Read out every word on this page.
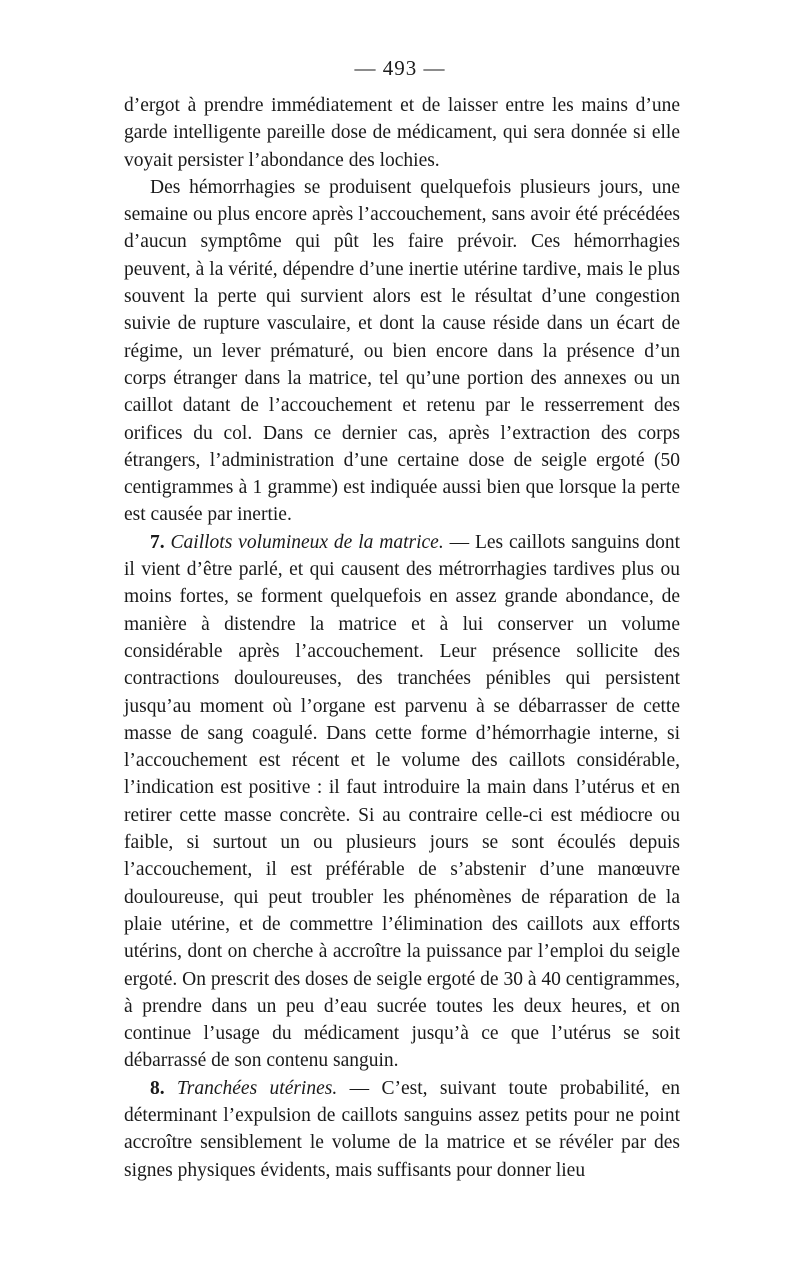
— 493 —

d’ergot à prendre immédiatement et de laisser entre les mains d’une garde intelligente pareille dose de médicament, qui sera donnée si elle voyait persister l’abondance des lochies.

Des hémorrhagies se produisent quelquefois plusieurs jours, une semaine ou plus encore après l’accouchement, sans avoir été précédées d’aucun symptôme qui pût les faire prévoir. Ces hémorrhagies peuvent, à la vérité, dépendre d’une inertie utérine tardive, mais le plus souvent la perte qui survient alors est le résultat d’une congestion suivie de rupture vasculaire, et dont la cause réside dans un écart de régime, un lever prématuré, ou bien encore dans la présence d’un corps étranger dans la matrice, tel qu’une portion des annexes ou un caillot datant de l’accouchement et retenu par le resserrement des orifices du col. Dans ce dernier cas, après l’extraction des corps étrangers, l’administration d’une certaine dose de seigle ergoté (50 centigrammes à 1 gramme) est indiquée aussi bien que lorsque la perte est causée par inertie.

7. Caillots volumineux de la matrice. — Les caillots sanguins dont il vient d’être parlé, et qui causent des métrorrhagies tardives plus ou moins fortes, se forment quelquefois en assez grande abondance, de manière à distendre la matrice et à lui conserver un volume considérable après l’accouchement. Leur présence sollicite des contractions douloureuses, des tranchées pénibles qui persistent jusqu’au moment où l’organe est parvenu à se débarrasser de cette masse de sang coagulé. Dans cette forme d’hémorrhagie interne, si l’accouchement est récent et le volume des caillots considérable, l’indication est positive : il faut introduire la main dans l’utérus et en retirer cette masse concrète. Si au contraire celle-ci est médiocre ou faible, si surtout un ou plusieurs jours se sont écoulés depuis l’accouchement, il est préférable de s’abstenir d’une manœuvre douloureuse, qui peut troubler les phénomènes de réparation de la plaie utérine, et de commettre l’élimination des caillots aux efforts utérins, dont on cherche à accroître la puissance par l’emploi du seigle ergoté. On prescrit des doses de seigle ergoté de 30 à 40 centigrammes, à prendre dans un peu d’eau sucrée toutes les deux heures, et on continue l’usage du médicament jusqu’à ce que l’utérus se soit débarrassé de son contenu sanguin.

8. Tranchées utérines. — C’est, suivant toute probabilité, en déterminant l’expulsion de caillots sanguins assez petits pour ne point accroître sensiblement le volume de la matrice et se révéler par des signes physiques évidents, mais suffisants pour donner lieu
